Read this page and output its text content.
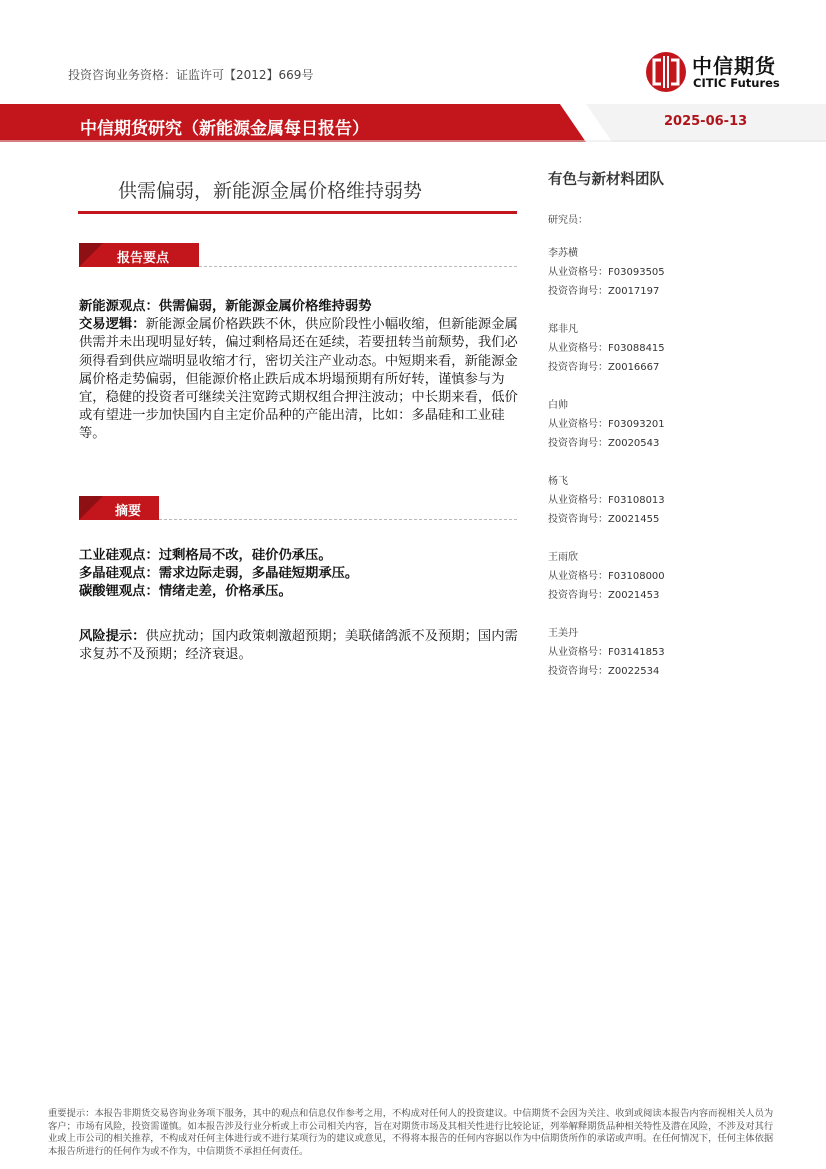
投资咨询业务资格：证监许可【2012】669号	中信期货
CITIC Futures
中信期货研究（新能源金属每日报告）	2025-06-13
供需偏弱，新能源金属价格维持弱势
报告要点
新能源观点：供需偏弱，新能源金属价格维持弱势
交易逻辑：新能源金属价格跌跌不休，供应阶段性小幅收缩，但新能源金属供需并未出现明显好转，偏过剩格局还在延续，若要扭转当前颓势，我们必须得看到供应端明显收缩才行，密切关注产业动态。中短期来看，新能源金属价格走势偏弱，但能源价格止跌后成本坍塌预期有所好转，谨慎参与为宜，稳健的投资者可继续关注宽跨式期权组合押注波动；中长期来看，低价或有望进一步加快国内自主定价品种的产能出清，比如：多晶硅和工业硅等。
摘要
工业硅观点：过剩格局不改，硅价仍承压。
多晶硅观点：需求边际走弱，多晶硅短期承压。
碳酸锂观点：情绪走差，价格承压。
风险提示：供应扰动；国内政策刺激超预期；美联储鸽派不及预期；国内需求复苏不及预期；经济衰退。
有色与新材料团队
研究员：
李苏横
从业资格号：F03093505
投资咨询号：Z0017197
郑非凡
从业资格号：F03088415
投资咨询号：Z0016667
白帅
从业资格号：F03093201
投资咨询号：Z0020543
杨飞
从业资格号：F03108013
投资咨询号：Z0021455
王雨欣
从业资格号：F03108000
投资咨询号：Z0021453
王美丹
从业资格号：F03141853
投资咨询号：Z0022534
重要提示：本报告非期货交易咨询业务项下服务，其中的观点和信息仅作参考之用，不构成对任何人的投资建议。中信期货不会因为关注、收到或阅读本报告内容而视相关人员为客户；市场有风险，投资需谨慎。如本报告涉及行业分析或上市公司相关内容，旨在对期货市场及其相关性进行比较论证，列举解释期货品种相关特性及潜在风险，不涉及对其行业或上市公司的相关推荐，不构成对任何主体进行或不进行某项行为的建议或意见，不得将本报告的任何内容据以作为中信期货所作的承诺或声明。在任何情况下，任何主体依据本报告所进行的任何作为或不作为，中信期货不承担任何责任。
